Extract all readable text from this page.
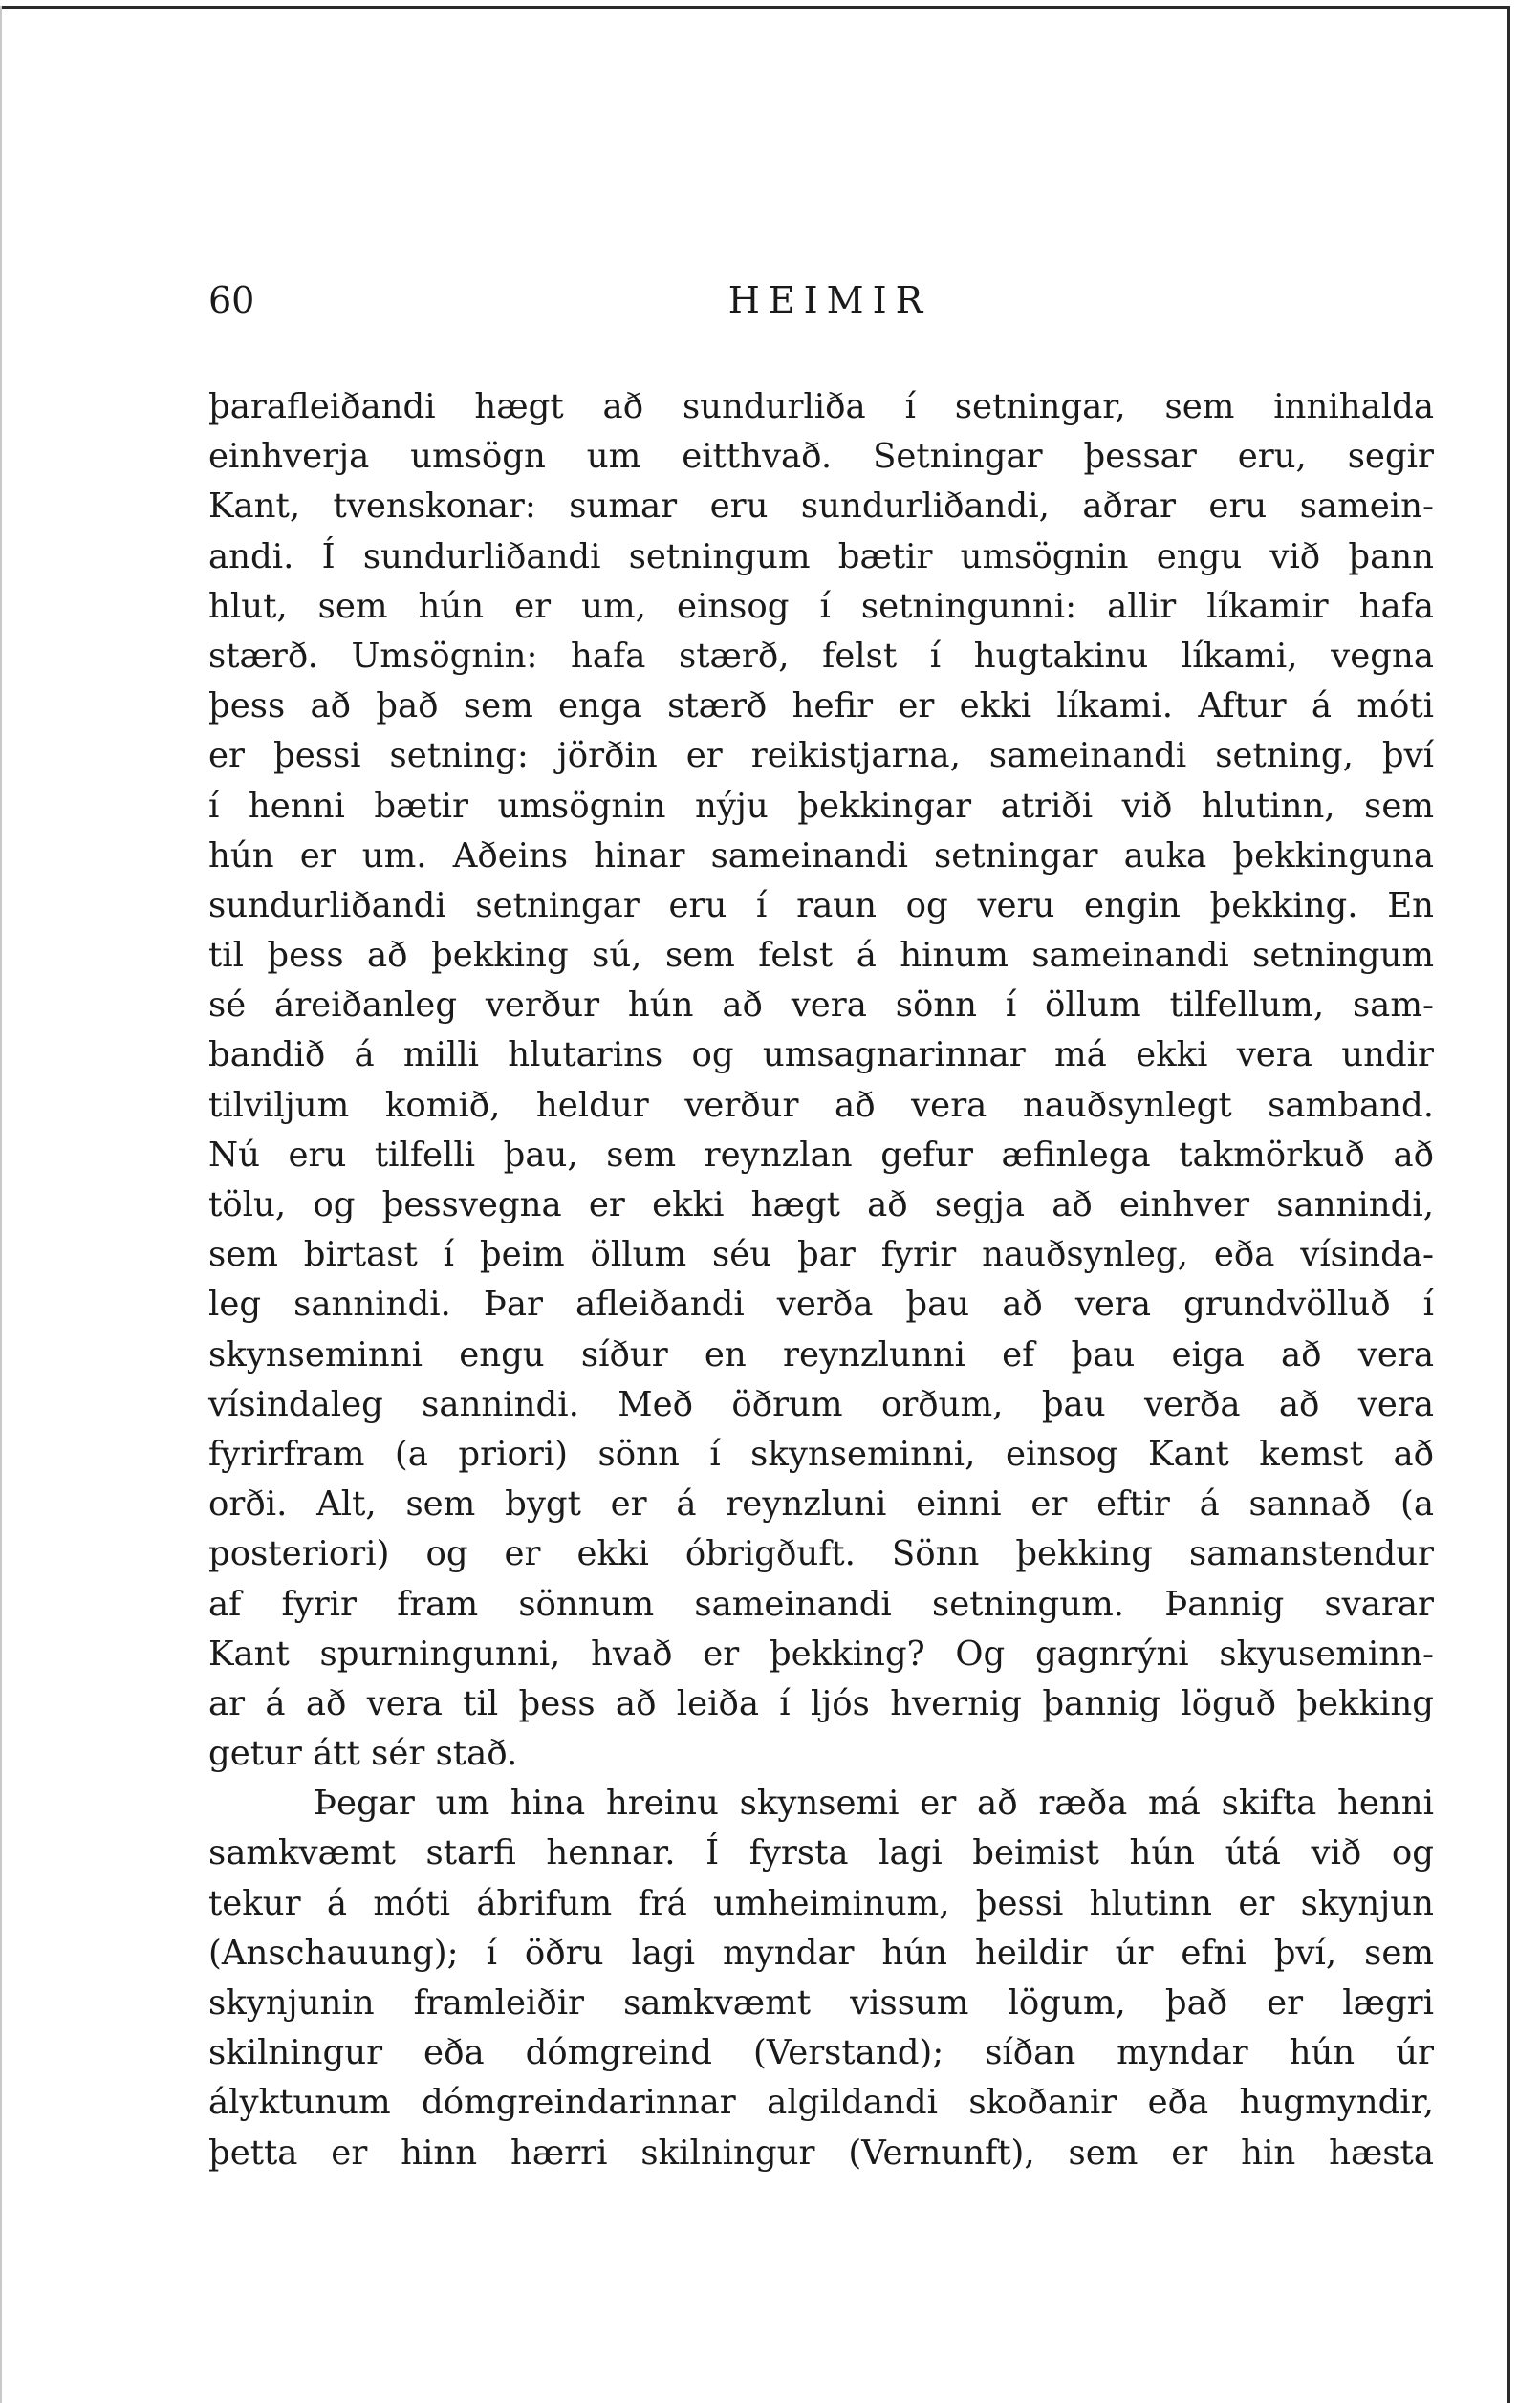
60	HEIMIR
þarafleiðandi hægt að sundurliða í setningar, sem innihalda
einhverja umsögn um eitthvað. Setningar þessar eru, segir
Kant, tvenskonar: sumar eru sundurliðandi, aðrar eru samein-
andi. Í sundurliðandi setningum bætir umsögnin engu við þann
hlut, sem hún er um, einsog í setningunni: allir líkamir hafa
stærð. Umsögnin: hafa stærð, felst í hugtakinu líkami, vegna
þess að það sem enga stærð hefir er ekki líkami. Aftur á móti
er þessi setning: jörðin er reikistjarna, sameinandi setning, því
í henni bætir umsögnin nýju þekkingar atriði við hlutinn, sem
hún er um. Aðeins hinar sameinandi setningar auka þekkinguna
sundurliðandi setningar eru í raun og veru engin þekking. En
til þess að þekking sú, sem felst á hinum sameinandi setningum
sé áreiðanleg verður hún að vera sönn í öllum tilfellum, sam-
bandið á milli hlutarins og umsagnarinnar má ekki vera undir
tilviljum komið, heldur verður að vera nauðsynlegt samband.
Nú eru tilfelli þau, sem reynzlan gefur æfinlega takmörkuð að
tölu, og þessvegna er ekki hægt að segja að einhver sannindi,
sem birtast í þeim öllum séu þar fyrir nauðsynleg, eða vísinda-
leg sannindi. Þar afleiðandi verða þau að vera grundvölluð í
skynseminni engu síður en reynzlunni ef þau eiga að vera
vísindaleg sannindi. Með öðrum orðum, þau verða að vera
fyrirfram (a priori) sönn í skynseminni, einsog Kant kemst að
orði. Alt, sem bygt er á reynzluni einni er eftir á sannað (a
posteriori) og er ekki óbrigðuft. Sönn þekking samanstendur
af fyrir fram sönnum sameinandi setningum. Þannig svarar
Kant spurningunni, hvað er þekking? Og gagnrýni skyuseminn-
ar á að vera til þess að leiða í ljós hvernig þannig löguð þekking
getur átt sér stað.
Þegar um hina hreinu skynsemi er að ræða má skifta henni
samkvæmt starfi hennar. Í fyrsta lagi beimist hún útá við og
tekur á móti ábrifum frá umheiminum, þessi hlutinn er skynjun
(Anschauung); í öðru lagi myndar hún heildir úr efni því, sem
skynjunin framleiðir samkvæmt vissum lögum, það er lægri
skilningur eða dómgreind (Verstand); síðan myndar hún úr
ályktunum dómgreindarinnar algildandi skoðanir eða hugmyndir,
þetta er hinn hærri skilningur (Vernunft), sem er hin hæsta
